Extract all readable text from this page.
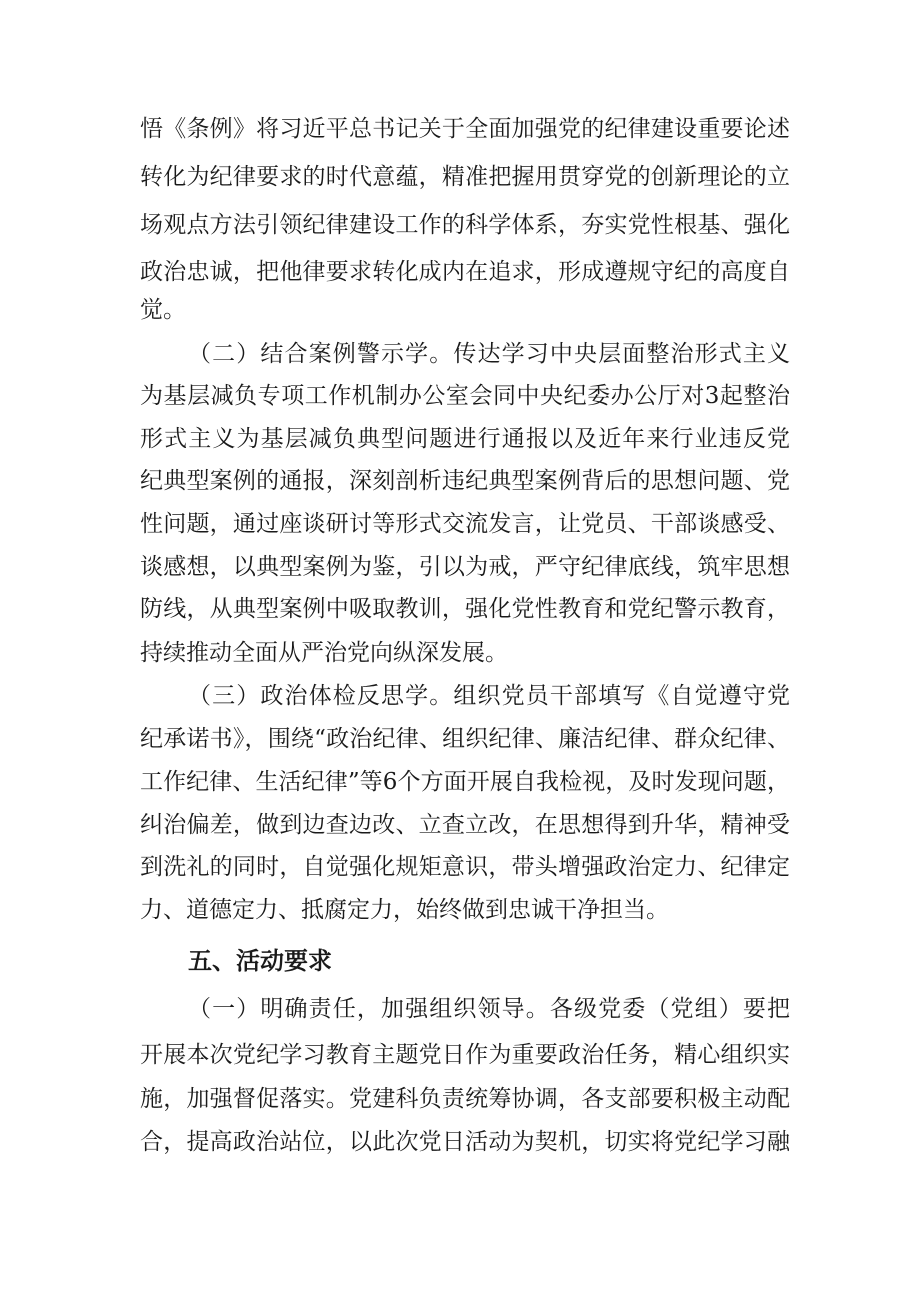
悟《条例》将习近平总书记关于全面加强党的纪律建设重要论述
转化为纪律要求的时代意蕴，精准把握用贯穿党的创新理论的立
场观点方法引领纪律建设工作的科学体系，夯实党性根基、强化
政治忠诚，把他律要求转化成内在追求，形成遵规守纪的高度自
觉。
（二）结合案例警示学。传达学习中央层面整治形式主义
为基层减负专项工作机制办公室会同中央纪委办公厅对3起整治
形式主义为基层减负典型问题进行通报以及近年来行业违反党
纪典型案例的通报，深刻剖析违纪典型案例背后的思想问题、党
性问题，通过座谈研讨等形式交流发言，让党员、干部谈感受、
谈感想，以典型案例为鉴，引以为戒，严守纪律底线，筑牢思想
防线，从典型案例中吸取教训，强化党性教育和党纪警示教育，
持续推动全面从严治党向纵深发展。
（三）政治体检反思学。组织党员干部填写《自觉遵守党
纪承诺书》，围绕“政治纪律、组织纪律、廉洁纪律、群众纪律、
工作纪律、生活纪律”等6个方面开展自我检视，及时发现问题，
纠治偏差，做到边查边改、立查立改，在思想得到升华，精神受
到洗礼的同时，自觉强化规矩意识，带头增强政治定力、纪律定
力、道德定力、抵腐定力，始终做到忠诚干净担当。
五、活动要求
（一）明确责任，加强组织领导。各级党委（党组）要把
开展本次党纪学习教育主题党日作为重要政治任务，精心组织实
施，加强督促落实。党建科负责统筹协调，各支部要积极主动配
合，提高政治站位，以此次党日活动为契机，切实将党纪学习融
